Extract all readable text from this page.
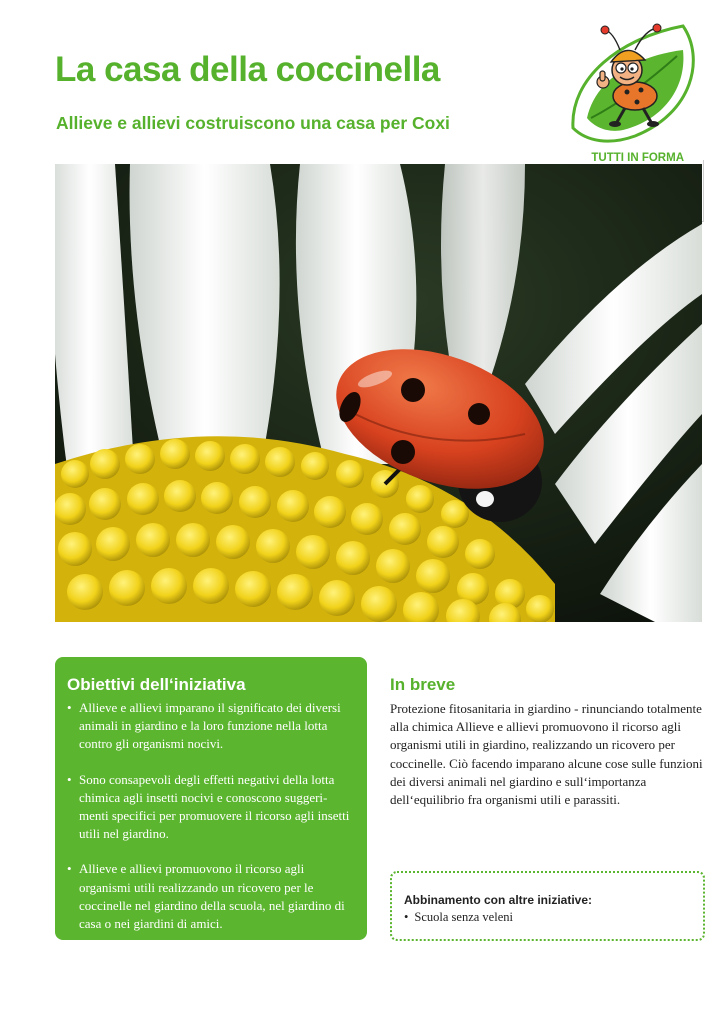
La casa della coccinella
Allieve e allievi costruiscono una casa per Coxi
TUTTI IN FORMA
Obiettivi dell‘iniziativa
• Allieve e allievi imparano il significato dei diversi animali in giardino e la loro funzione nella lotta contro gli organismi nocivi.
• Sono consapevoli degli effetti negativi della lotta chimica agli insetti nocivi e conoscono suggeri-menti specifici per promuovere il ricorso agli insetti utili nel giardino.
• Allieve e allievi promuovono il ricorso agli organismi utili realizzando un ricovero per le coccinelle nel giardino della scuola, nel giardino di casa o nei giardini di amici.
In breve
Protezione fitosanitaria in giardino - rinunciando totalmente alla chimica Allieve e allievi promuovono il ricorso agli organismi utili in giardino, realizzando un ricovero per coccinelle. Ciò facendo imparano alcune cose sulle funzioni dei diversi animali nel giardino e sull‘importanza dell‘equilibrio fra organismi utili e parassiti.
Abbinamento con altre iniziative:
• Scuola senza veleni
